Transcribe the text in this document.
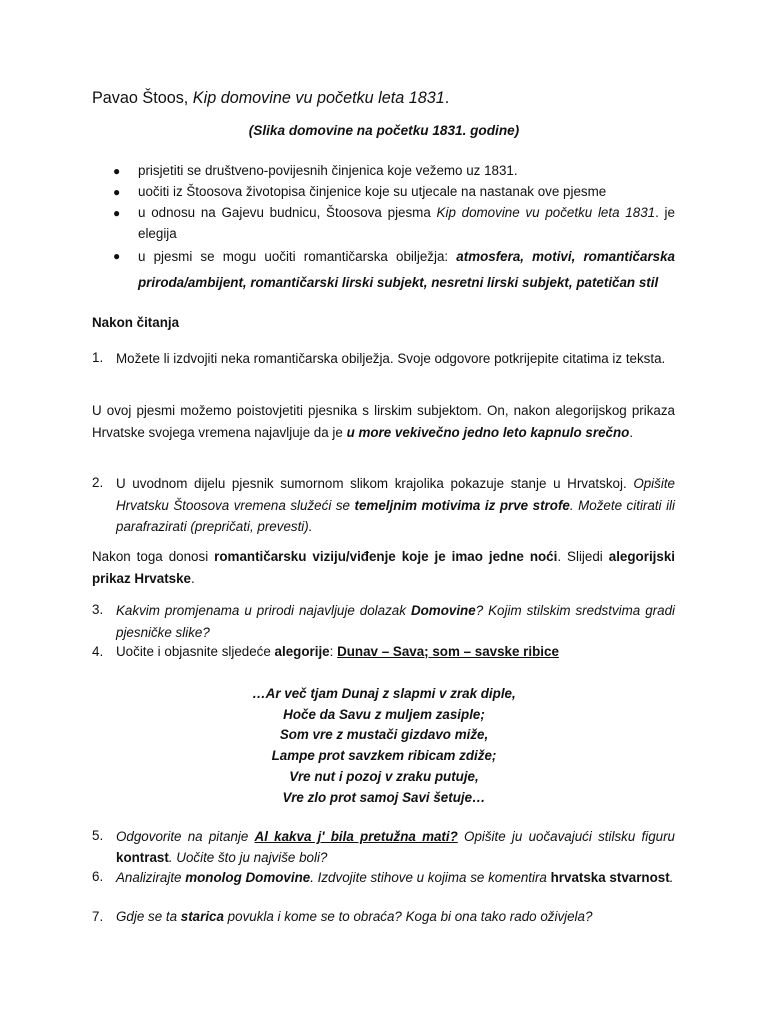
Pavao Štoos, Kip domovine vu početku leta 1831.
(Slika domovine na početku 1831. godine)
● prisjetiti se društveno-povijesnih činjenica koje vežemo uz 1831.
● uočiti iz Štoosova životopisa činjenice koje su utjecale na nastanak ove pjesme
● u odnosu na Gajevu budnicu, Štoosova pjesma Kip domovine vu početku leta 1831. je elegija
● u pjesmi se mogu uočiti romantičarska obilježja: atmosfera, motivi, romantičarska priroda/ambijent, romantičarski lirski subjekt, nesretni lirski subjekt, patetičan stil
Nakon čitanja
1. Možete li izdvojiti neka romantičarska obilježja. Svoje odgovore potkrijepite citatima iz teksta.
U ovoj pjesmi možemo poistovjetiti pjesnika s lirskim subjektom. On, nakon alegorijskog prikaza Hrvatske svojega vremena najavljuje da je u more vekivečno jedno leto kapnulo srečno.
2. U uvodnom dijelu pjesnik sumornom slikom krajolika pokazuje stanje u Hrvatskoj. Opišite Hrvatsku Štoosova vremena služeći se temeljnim motivima iz prve strofe. Možete citirati ili parafrazirati (prepričati, prevesti).
Nakon toga donosi romantičarsku viziju/viđenje koje je imao jedne noći. Slijedi alegorijski prikaz Hrvatske.
3. Kakvim promjenama u prirodi najavljuje dolazak Domovine? Kojim stilskim sredstvima gradi pjesničke slike?
4. Uočite i objasnite sljedeće alegorije: Dunav – Sava; som – savske ribice
…Ar več tjam Dunaj z slapmi v zrak diple,
Hoče da Savu z muljem zasiple;
Som vre z mustači gizdavo miže,
Lampe prot savzkem ribicam zdiže;
Vre nut i pozoj v zraku putuje,
Vre zlo prot samoj Savi šetuje…
5. Odgovorite na pitanje Al kakva j' bila pretužna mati? Opišite ju uočavajući stilsku figuru kontrast. Uočite što ju najviše boli?
6. Analizirajte monolog Domovine. Izdvojite stihove u kojima se komentira hrvatska stvarnost.
7. Gdje se ta starica povukla i kome se to obraća? Koga bi ona tako rado oživjela?
